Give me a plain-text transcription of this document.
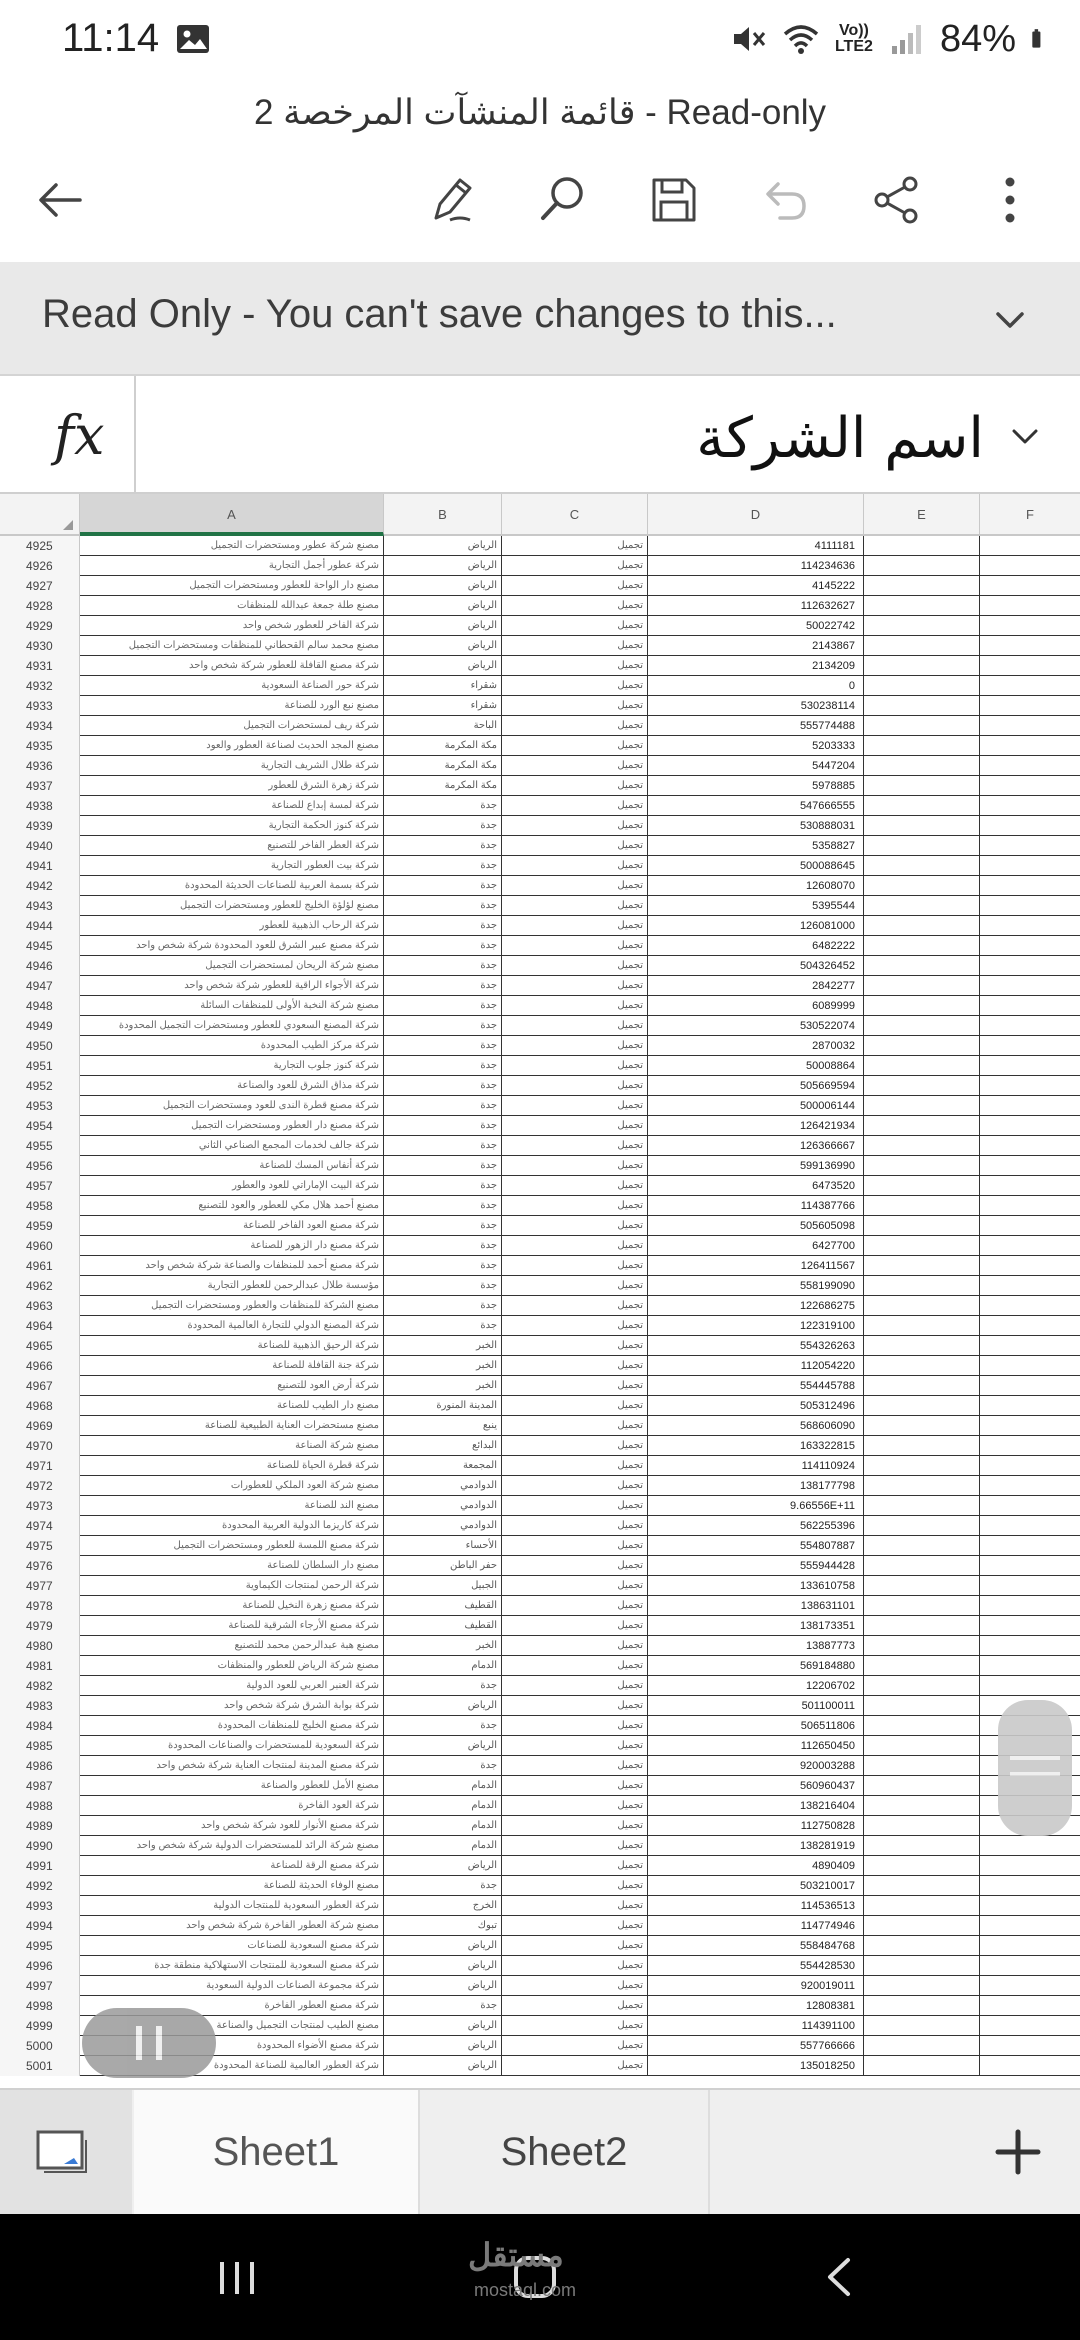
11:14	Vo)) LTE2 84%
قائمة المنشآت المرخصة 2 - Read-only
Read Only - You can't save changes to this...
fx	اسم الشركة
A	B	C	D	E	F
4925	مصنع شركة عطور ومستحضرات التجميل	الرياض	تجميل	4111181
4926	شركة عطور أجمل التجارية	الرياض	تجميل	114234636
4927	مصنع دار الواحة للعطور ومستحضرات التجميل	الرياض	تجميل	4145222
4928	مصنع طلة جمعة عبدالله للمنظفات	الرياض	تجميل	112632627
4929	شركة الفاخر للعطور شخص واحد	الرياض	تجميل	50022742
4930	مصنع محمد سالم القحطاني للمنظفات ومستحضرات التجميل	الرياض	تجميل	2143867
4931	شركة مصنع القافلة للعطور شركة شخص واحد	الرياض	تجميل	2134209
4932	شركة حور الصناعة السعودية	شقراء	تجميل	0
4933	مصنع نبع الورد للصناعة	شقراء	تجميل	530238114
4934	شركة ريف لمستحضرات التجميل	الباحة	تجميل	555774488
4935	مصنع المجد الحديث لصناعة العطور والعود	مكة المكرمة	تجميل	5203333
4936	شركة طلال الشريف التجارية	مكة المكرمة	تجميل	5447204
4937	شركة زهرة الشرق للعطور	مكة المكرمة	تجميل	5978885
4938	شركة لمسة إبداع للصناعة	جدة	تجميل	547666555
4939	شركة كنوز الحكمة التجارية	جدة	تجميل	530888031
4940	شركة العطر الفاخر للتصنيع	جدة	تجميل	5358827
4941	شركة بيت العطور التجارية	جدة	تجميل	500088645
4942	شركة بسمة العربية للصناعات الحديثة المحدودة	جدة	تجميل	12608070
4943	مصنع لؤلؤة الخليج للعطور ومستحضرات التجميل	جدة	تجميل	5395544
4944	شركة الرحاب الذهبية للعطور	جدة	تجميل	126081000
4945	شركة مصنع عبير الشرق للعود المحدودة شركة شخص واحد	جدة	تجميل	6482222
4946	مصنع شركة الريحان لمستحضرات التجميل	جدة	تجميل	504326452
4947	شركة الأجواء الراقية للعطور شركة شخص واحد	جدة	تجميل	2842277
4948	مصنع شركة النخبة الأولى للمنظفات السائلة	جدة	تجميل	6089999
4949	شركة المصنع السعودي للعطور ومستحضرات التجميل المحدودة	جدة	تجميل	530522074
4950	شركة مركز الطيب المحدودة	جدة	تجميل	2870032
4951	شركة كنوز جلوب التجارية	جدة	تجميل	50008864
4952	شركة مذاق الشرق للعود والصناعة	جدة	تجميل	505669594
4953	شركة مصنع قطرة الندى للعود ومستحضرات التجميل	جدة	تجميل	500006144
4954	شركة مصنع دار العطور ومستحضرات التجميل	جدة	تجميل	126421934
4955	شركة جالف لخدمات المجمع الصناعي الثاني	جدة	تجميل	126366667
4956	شركة أنفاس المسك للصناعة	جدة	تجميل	599136990
4957	شركة البيت الإماراتي للعود والعطور	جدة	تجميل	6473520
4958	مصنع أحمد هلال مكي للعطور والعود للتصنيع	جدة	تجميل	114387766
4959	شركة مصنع العود الفاخر للصناعة	جدة	تجميل	505605098
4960	شركة مصنع دار الزهور للصناعة	جدة	تجميل	6427700
4961	شركة مصنع أحمد للمنظفات والصناعة شركة شخص واحد	جدة	تجميل	126411567
4962	مؤسسة طلال عبدالرحمن للعطور التجارية	جدة	تجميل	558199090
4963	مصنع الشركة للمنظفات والعطور ومستحضرات التجميل	جدة	تجميل	122686275
4964	شركة المصنع الدولي للتجارة العالمية المحدودة	جدة	تجميل	122319100
4965	شركة الرحيق الذهبية للصناعة	الخبر	تجميل	554326263
4966	شركة جنة القافلة للصناعة	الخبر	تجميل	112054220
4967	شركة أرض العود للتصنيع	الخبر	تجميل	554445788
4968	مصنع دار الطيب للصناعة	المدينة المنورة	تجميل	505312496
4969	مصنع مستحضرات العناية الطبيعية للصناعة	ينبع	تجميل	568606090
4970	مصنع شركة الصناعة	البدائع	تجميل	163322815
4971	شركة قطرة الحياة للصناعة	المجمعة	تجميل	114110924
4972	مصنع شركة العود الملكي للعطورات	الدوادمي	تجميل	138177798
4973	مصنع الند للصناعة	الدوادمي	تجميل	9.66556E+11
4974	شركة كاريزما الدولية العربية المحدودة	الدوادمي	تجميل	562255396
4975	شركة مصنع اللمسة للعطور ومستحضرات التجميل	الأحساء	تجميل	554807887
4976	مصنع دار السلطان للصناعة	حفر الباطن	تجميل	555944428
4977	شركة الرحمن لمنتجات الكيماوية	الجبيل	تجميل	133610758
4978	شركة مصنع زهرة النخيل للصناعة	القطيف	تجميل	138631101
4979	شركة مصنع الأرجاء الشرقية للصناعة	القطيف	تجميل	138173351
4980	مصنع هبة عبدالرحمن محمد للتصنيع	الخبر	تجميل	13887773
4981	مصنع شركة الرياض للعطور والمنظفات	الدمام	تجميل	569184880
4982	شركة العنبر العربي للعود الدولية	جدة	تجميل	12206702
4983	شركة بوابة الشرق شركة شخص واحد	الرياض	تجميل	501100011
4984	شركة مصنع الخليج للمنظفات المحدودة	جدة	تجميل	506511806
4985	شركة السعودية للمستحضرات والصناعات المحدودة	الرياض	تجميل	112650450
4986	شركة مصنع المدينة لمنتجات العناية شركة شخص واحد	جدة	تجميل	920003288
4987	مصنع الأمل للعطور والصناعة	الدمام	تجميل	560960437
4988	شركة العود الفاخرة	الدمام	تجميل	138216404
4989	شركة مصنع الأنوار للعود شركة شخص واحد	الدمام	تجميل	112750828
4990	مصنع شركة الرائد للمستحضرات الدولية شركة شخص واحد	الدمام	تجميل	138281919
4991	شركة مصنع الرقة للصناعة	الرياض	تجميل	4890409
4992	مصنع الوفاء الحديثة للصناعة	جدة	تجميل	503210017
4993	شركة العطور السعودية للمنتجات الدولية	الخرج	تجميل	114536513
4994	مصنع شركة العطور الفاخرة شركة شخص واحد	تبوك	تجميل	114774946
4995	شركة مصنع السعودية للصناعات	الرياض	تجميل	558484768
4996	شركة مصنع السعودية للمنتجات الاستهلاكية منطقة جدة	الرياض	تجميل	554428530
4997	شركة مجموعة الصناعات الدولية السعودية	الرياض	تجميل	920019011
4998	شركة مصنع العطور الفاخرة	جدة	تجميل	12808381
4999	مصنع الطيب لمنتجات التجميل والصناعة	الرياض	تجميل	114391100
5000	شركة مصنع الأضواء المحدودة	الرياض	تجميل	557766666
5001	شركة العطور العالمية للصناعة المحدودة	الرياض	تجميل	135018250
Sheet1	Sheet2
مستقل
mostaql.com
